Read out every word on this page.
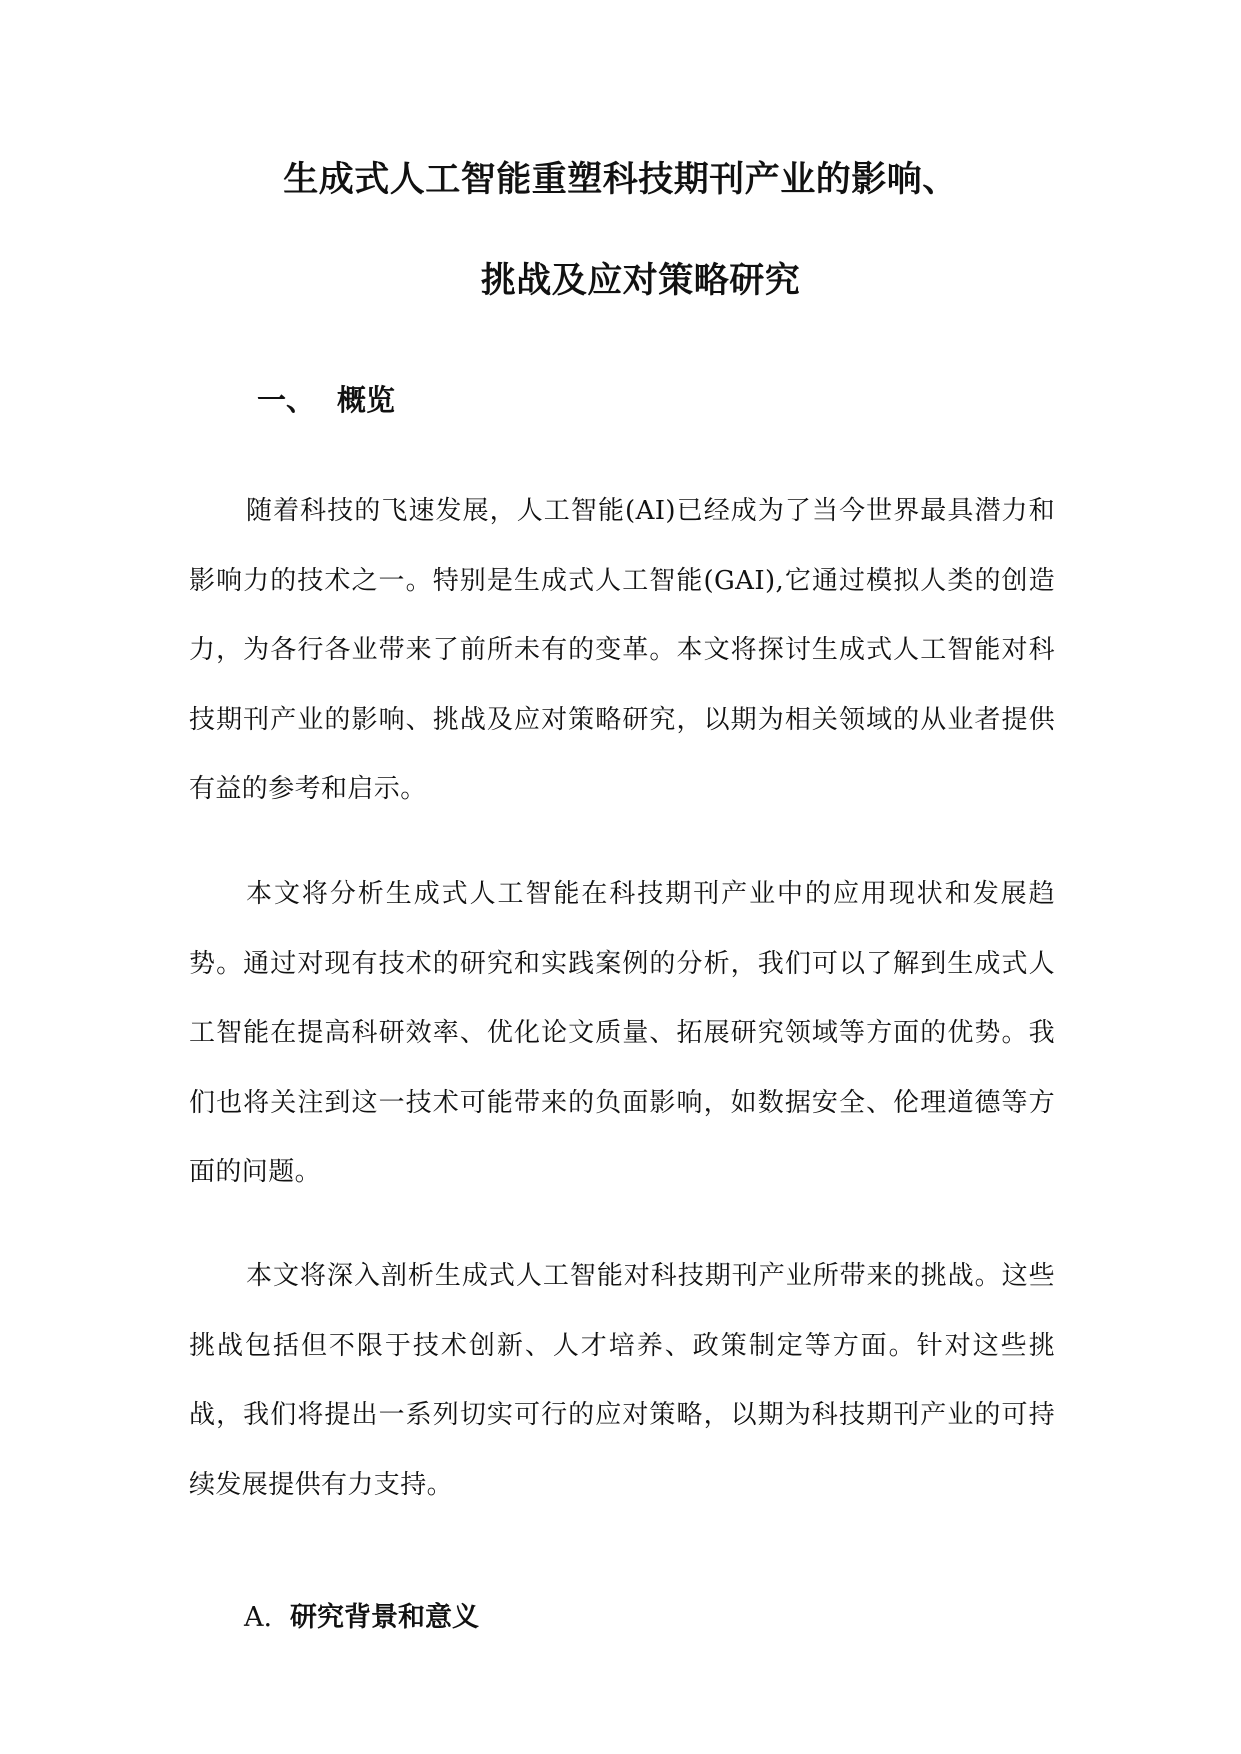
生成式人工智能重塑科技期刊产业的影响、
挑战及应对策略研究
一、 概览

随着科技的飞速发展，人工智能(AI)已经成为了当今世界最具潜力和影响力的技术之一。特别是生成式人工智能(GAI),它通过模拟人类的创造力，为各行各业带来了前所未有的变革。本文将探讨生成式人工智能对科技期刊产业的影响、挑战及应对策略研究，以期为相关领域的从业者提供有益的参考和启示。

本文将分析生成式人工智能在科技期刊产业中的应用现状和发展趋势。通过对现有技术的研究和实践案例的分析，我们可以了解到生成式人工智能在提高科研效率、优化论文质量、拓展研究领域等方面的优势。我们也将关注到这一技术可能带来的负面影响，如数据安全、伦理道德等方面的问题。

本文将深入剖析生成式人工智能对科技期刊产业所带来的挑战。这些挑战包括但不限于技术创新、人才培养、政策制定等方面。针对这些挑战，我们将提出一系列切实可行的应对策略，以期为科技期刊产业的可持续发展提供有力支持。

A. 研究背景和意义
